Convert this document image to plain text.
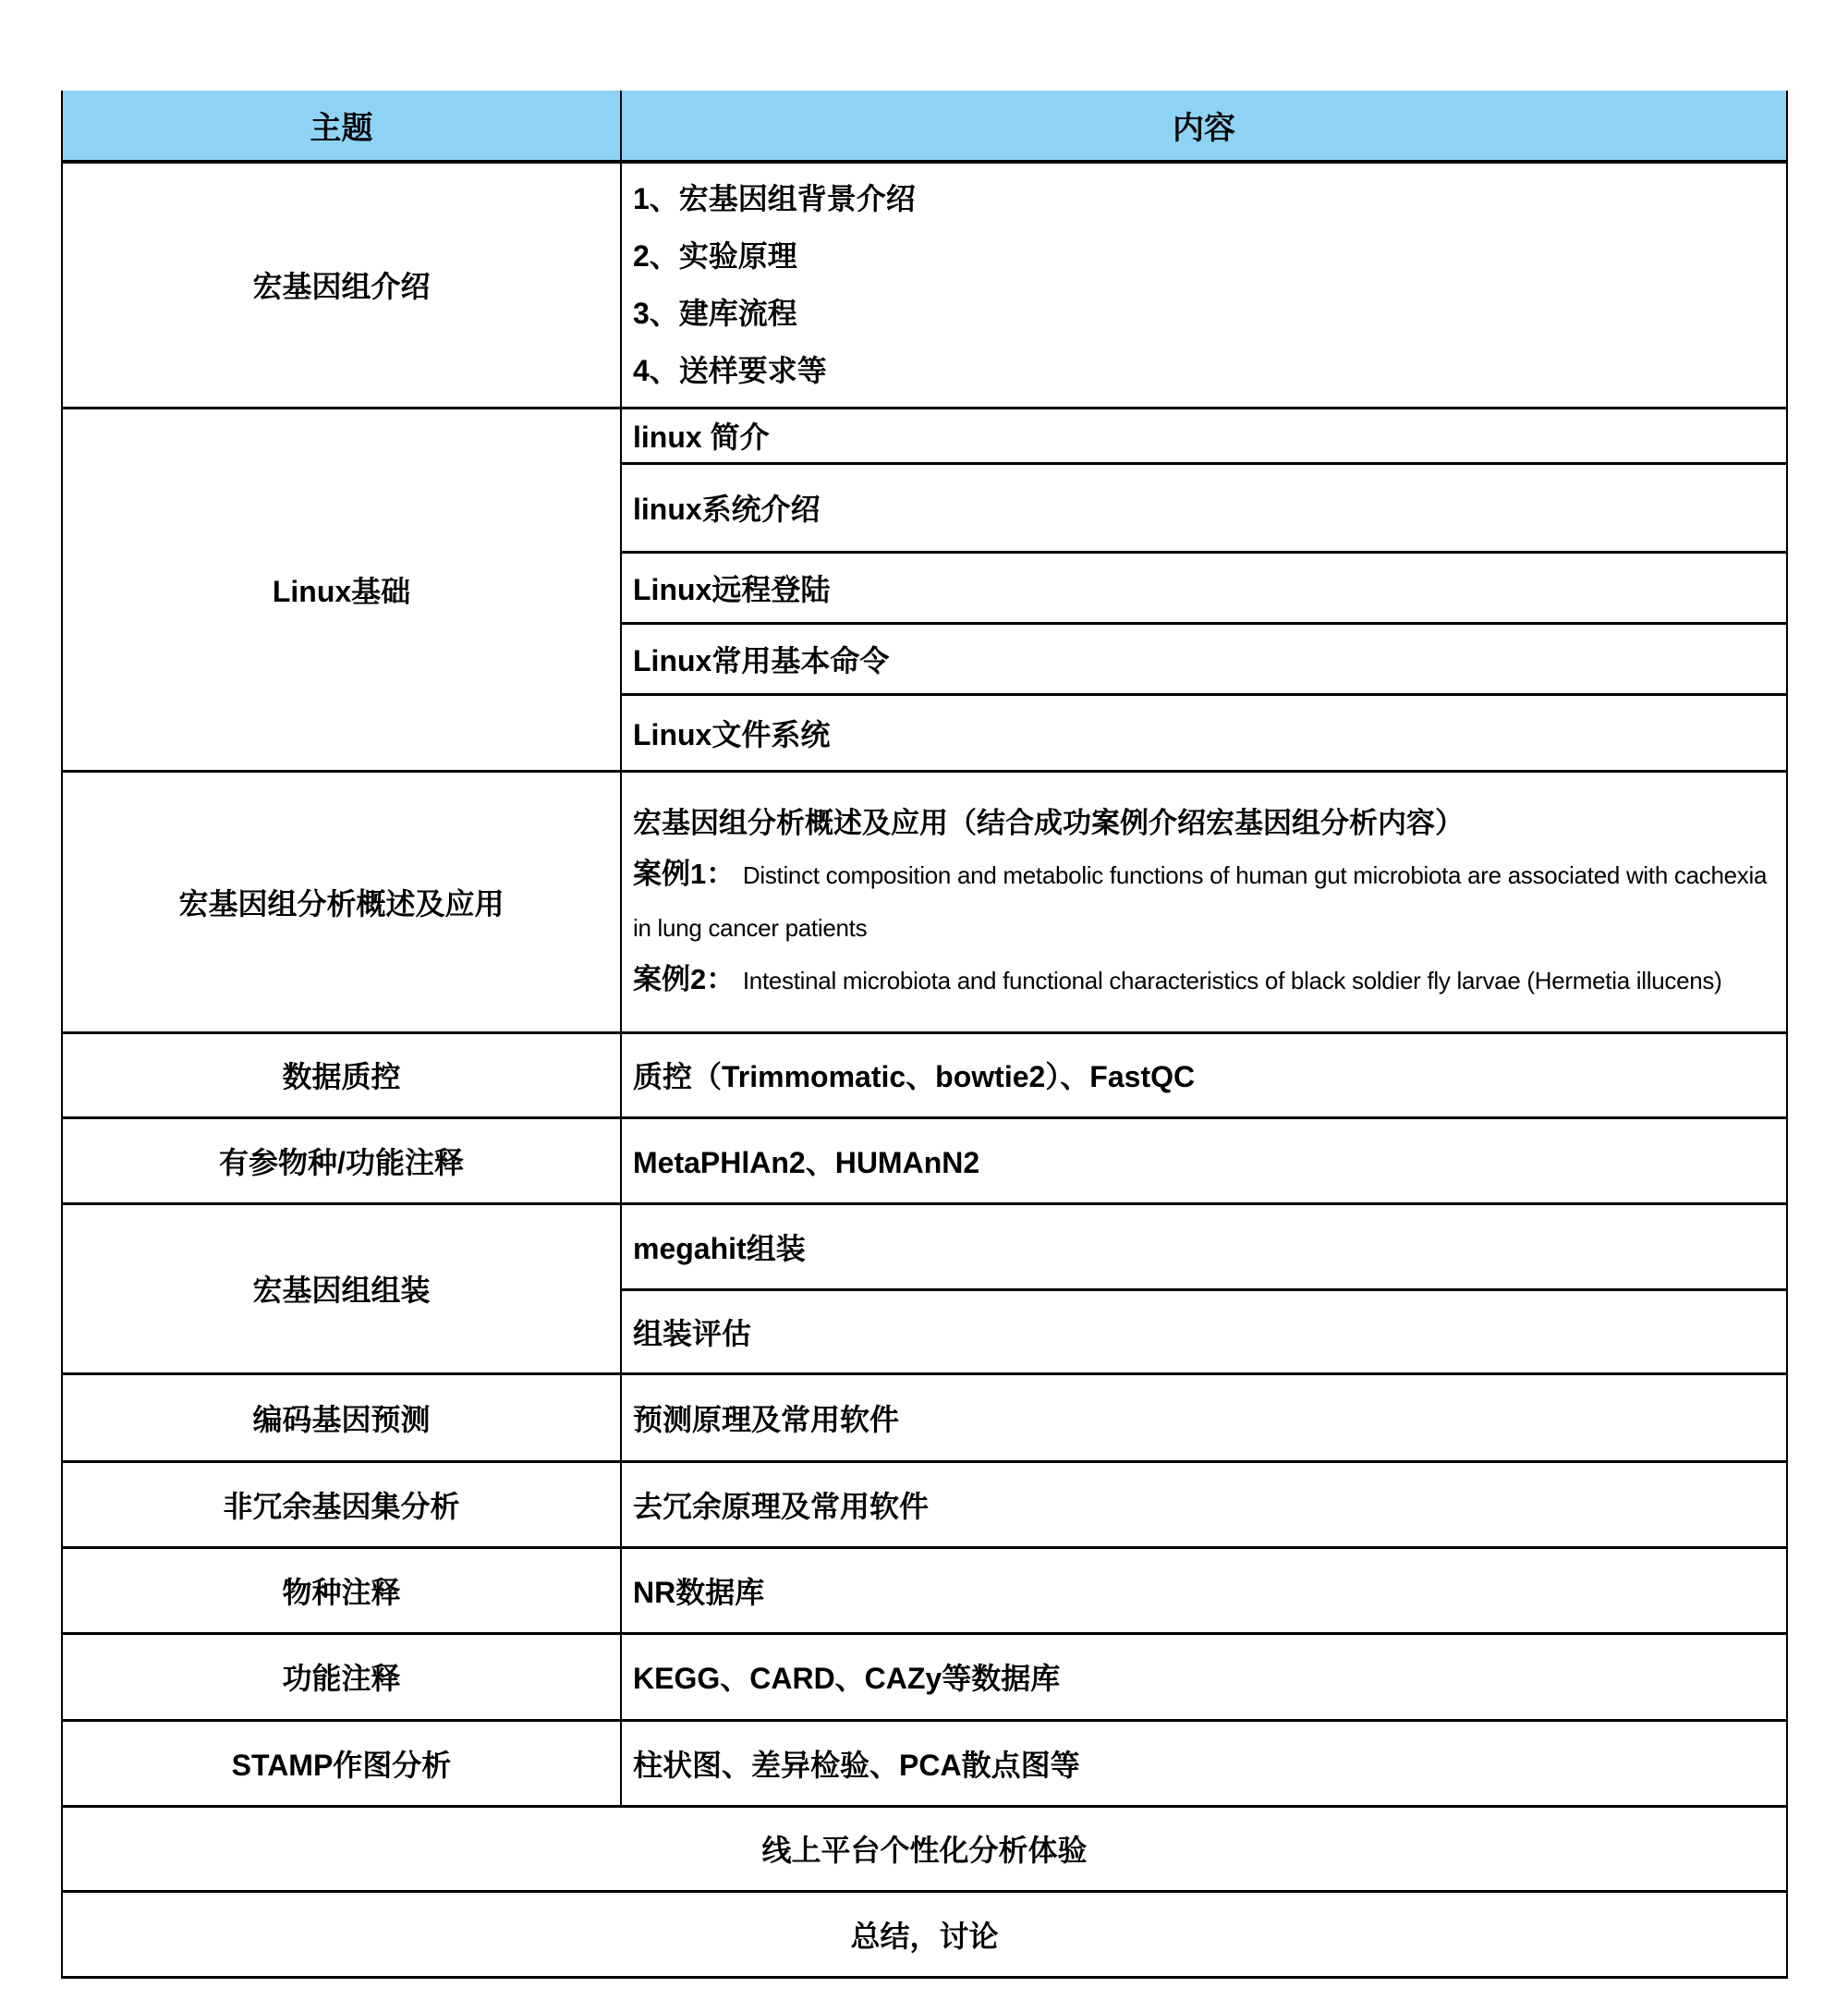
主题	内容
宏基因组介绍	1、宏基因组背景介绍
2、实验原理
3、建库流程
4、送样要求等

Linux基础	linux 简介
	linux系统介绍
	Linux远程登陆
	Linux常用基本命令
	Linux文件系统
宏基因组分析概述及应用	宏基因组分析概述及应用（结合成功案例介绍宏基因组分析内容）
案例1： Distinct composition and metabolic functions of human gut microbiota are associated with cachexia in lung cancer patients
案例2： Intestinal microbiota and functional characteristics of black soldier fly larvae (Hermetia illucens)

数据质控	质控（Trimmomatic、bowtie2）、FastQC
有参物种/功能注释	MetaPHlAn2、HUMAnN2
宏基因组组装	megahit组装
	组装评估
编码基因预测	预测原理及常用软件
非冗余基因集分析	去冗余原理及常用软件
物种注释	NR数据库
功能注释	KEGG、CARD、CAZy等数据库
STAMP作图分析	柱状图、差异检验、PCA散点图等
线上平台个性化分析体验	
总结，讨论	
